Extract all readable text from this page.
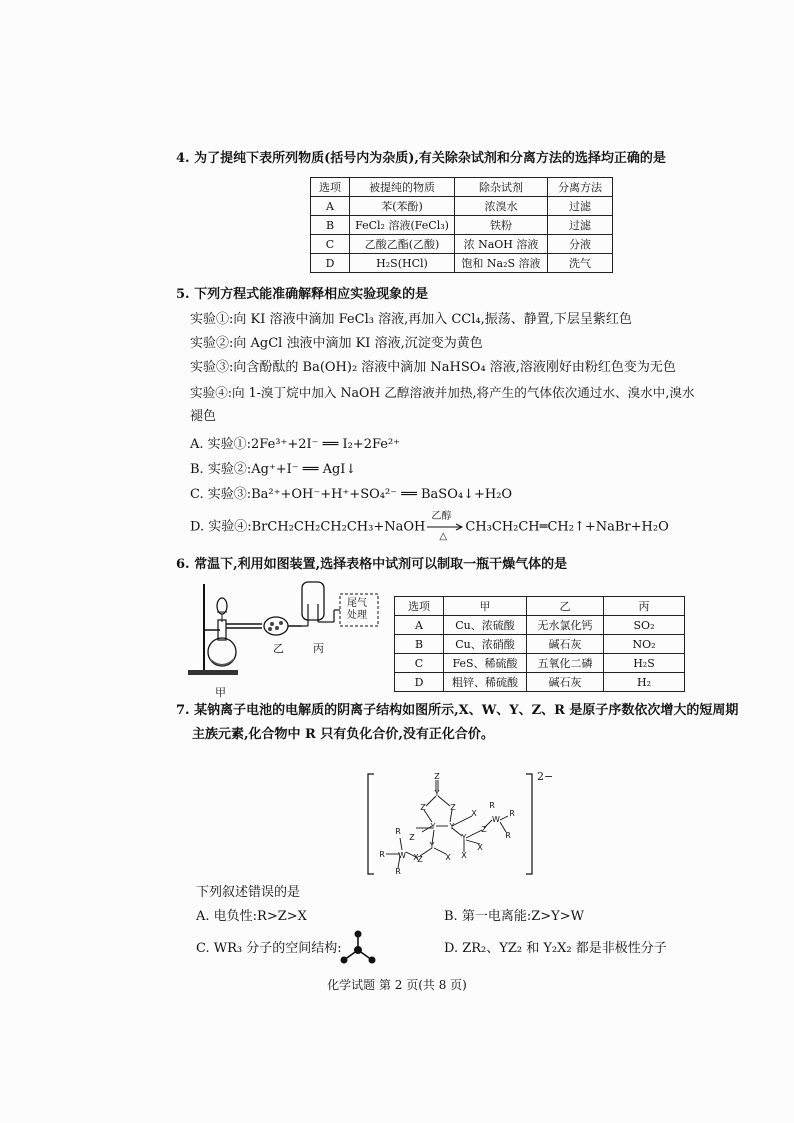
4. 为了提纯下表所列物质(括号内为杂质),有关除杂试剂和分离方法的选择均正确的是
选项	被提纯的物质	除杂试剂	分离方法
A	苯(苯酚)	浓溴水	过滤
B	FeCl₂ 溶液(FeCl₃)	铁粉	过滤
C	乙酸乙酯(乙酸)	浓 NaOH 溶液	分液
D	H₂S(HCl)	饱和 Na₂S 溶液	洗气
5. 下列方程式能准确解释相应实验现象的是
实验①:向 KI 溶液中滴加 FeCl₃ 溶液,再加入 CCl₄,振荡、静置,下层呈紫红色
实验②:向 AgCl 浊液中滴加 KI 溶液,沉淀变为黄色
实验③:向含酚酞的 Ba(OH)₂ 溶液中滴加 NaHSO₄ 溶液,溶液刚好由粉红色变为无色
实验④:向 1-溴丁烷中加入 NaOH 乙醇溶液并加热,将产生的气体依次通过水、溴水中,溴水
褪色
A. 实验①:2Fe³⁺+2I⁻ ══ I₂+2Fe²⁺
B. 实验②:Ag⁺+I⁻ ══ AgI↓
C. 实验③:Ba²⁺+OH⁻+H⁺+SO₄²⁻ ══ BaSO₄↓+H₂O
D. 实验④:BrCH₂CH₂CH₂CH₃+NaOH
乙醇
△
CH₃CH₂CH═CH₂↑+NaBr+H₂O
6. 常温下,利用如图装置,选择表格中试剂可以制取一瓶干燥气体的是
尾气
处理
乙	丙
甲
选项	甲	乙	丙
A	Cu、浓硫酸	无水氯化钙	SO₂
B	Cu、浓硝酸	碱石灰	NO₂
C	FeS、稀硫酸	五氧化二磷	H₂S
D	粗锌、稀硫酸	碱石灰	H₂
7. 某钠离子电池的电解质的阴离子结构如图所示,X、W、Y、Z、R 是原子序数依次增大的短周期
主族元素,化合物中 R 只有负化合价,没有正化合价。
Z
Y
Z	Z
Y Y
Z
X
X
Y
Z
X
X
W
R
R
R
Y
X
Z
W
R
R
R
2−
下列叙述错误的是
A. 电负性:R>Z>X	B. 第一电离能:Z>Y>W
C. WR₃ 分子的空间结构:	D. ZR₂、YZ₂ 和 Y₂X₂ 都是非极性分子
化学试题 第 2 页(共 8 页)
